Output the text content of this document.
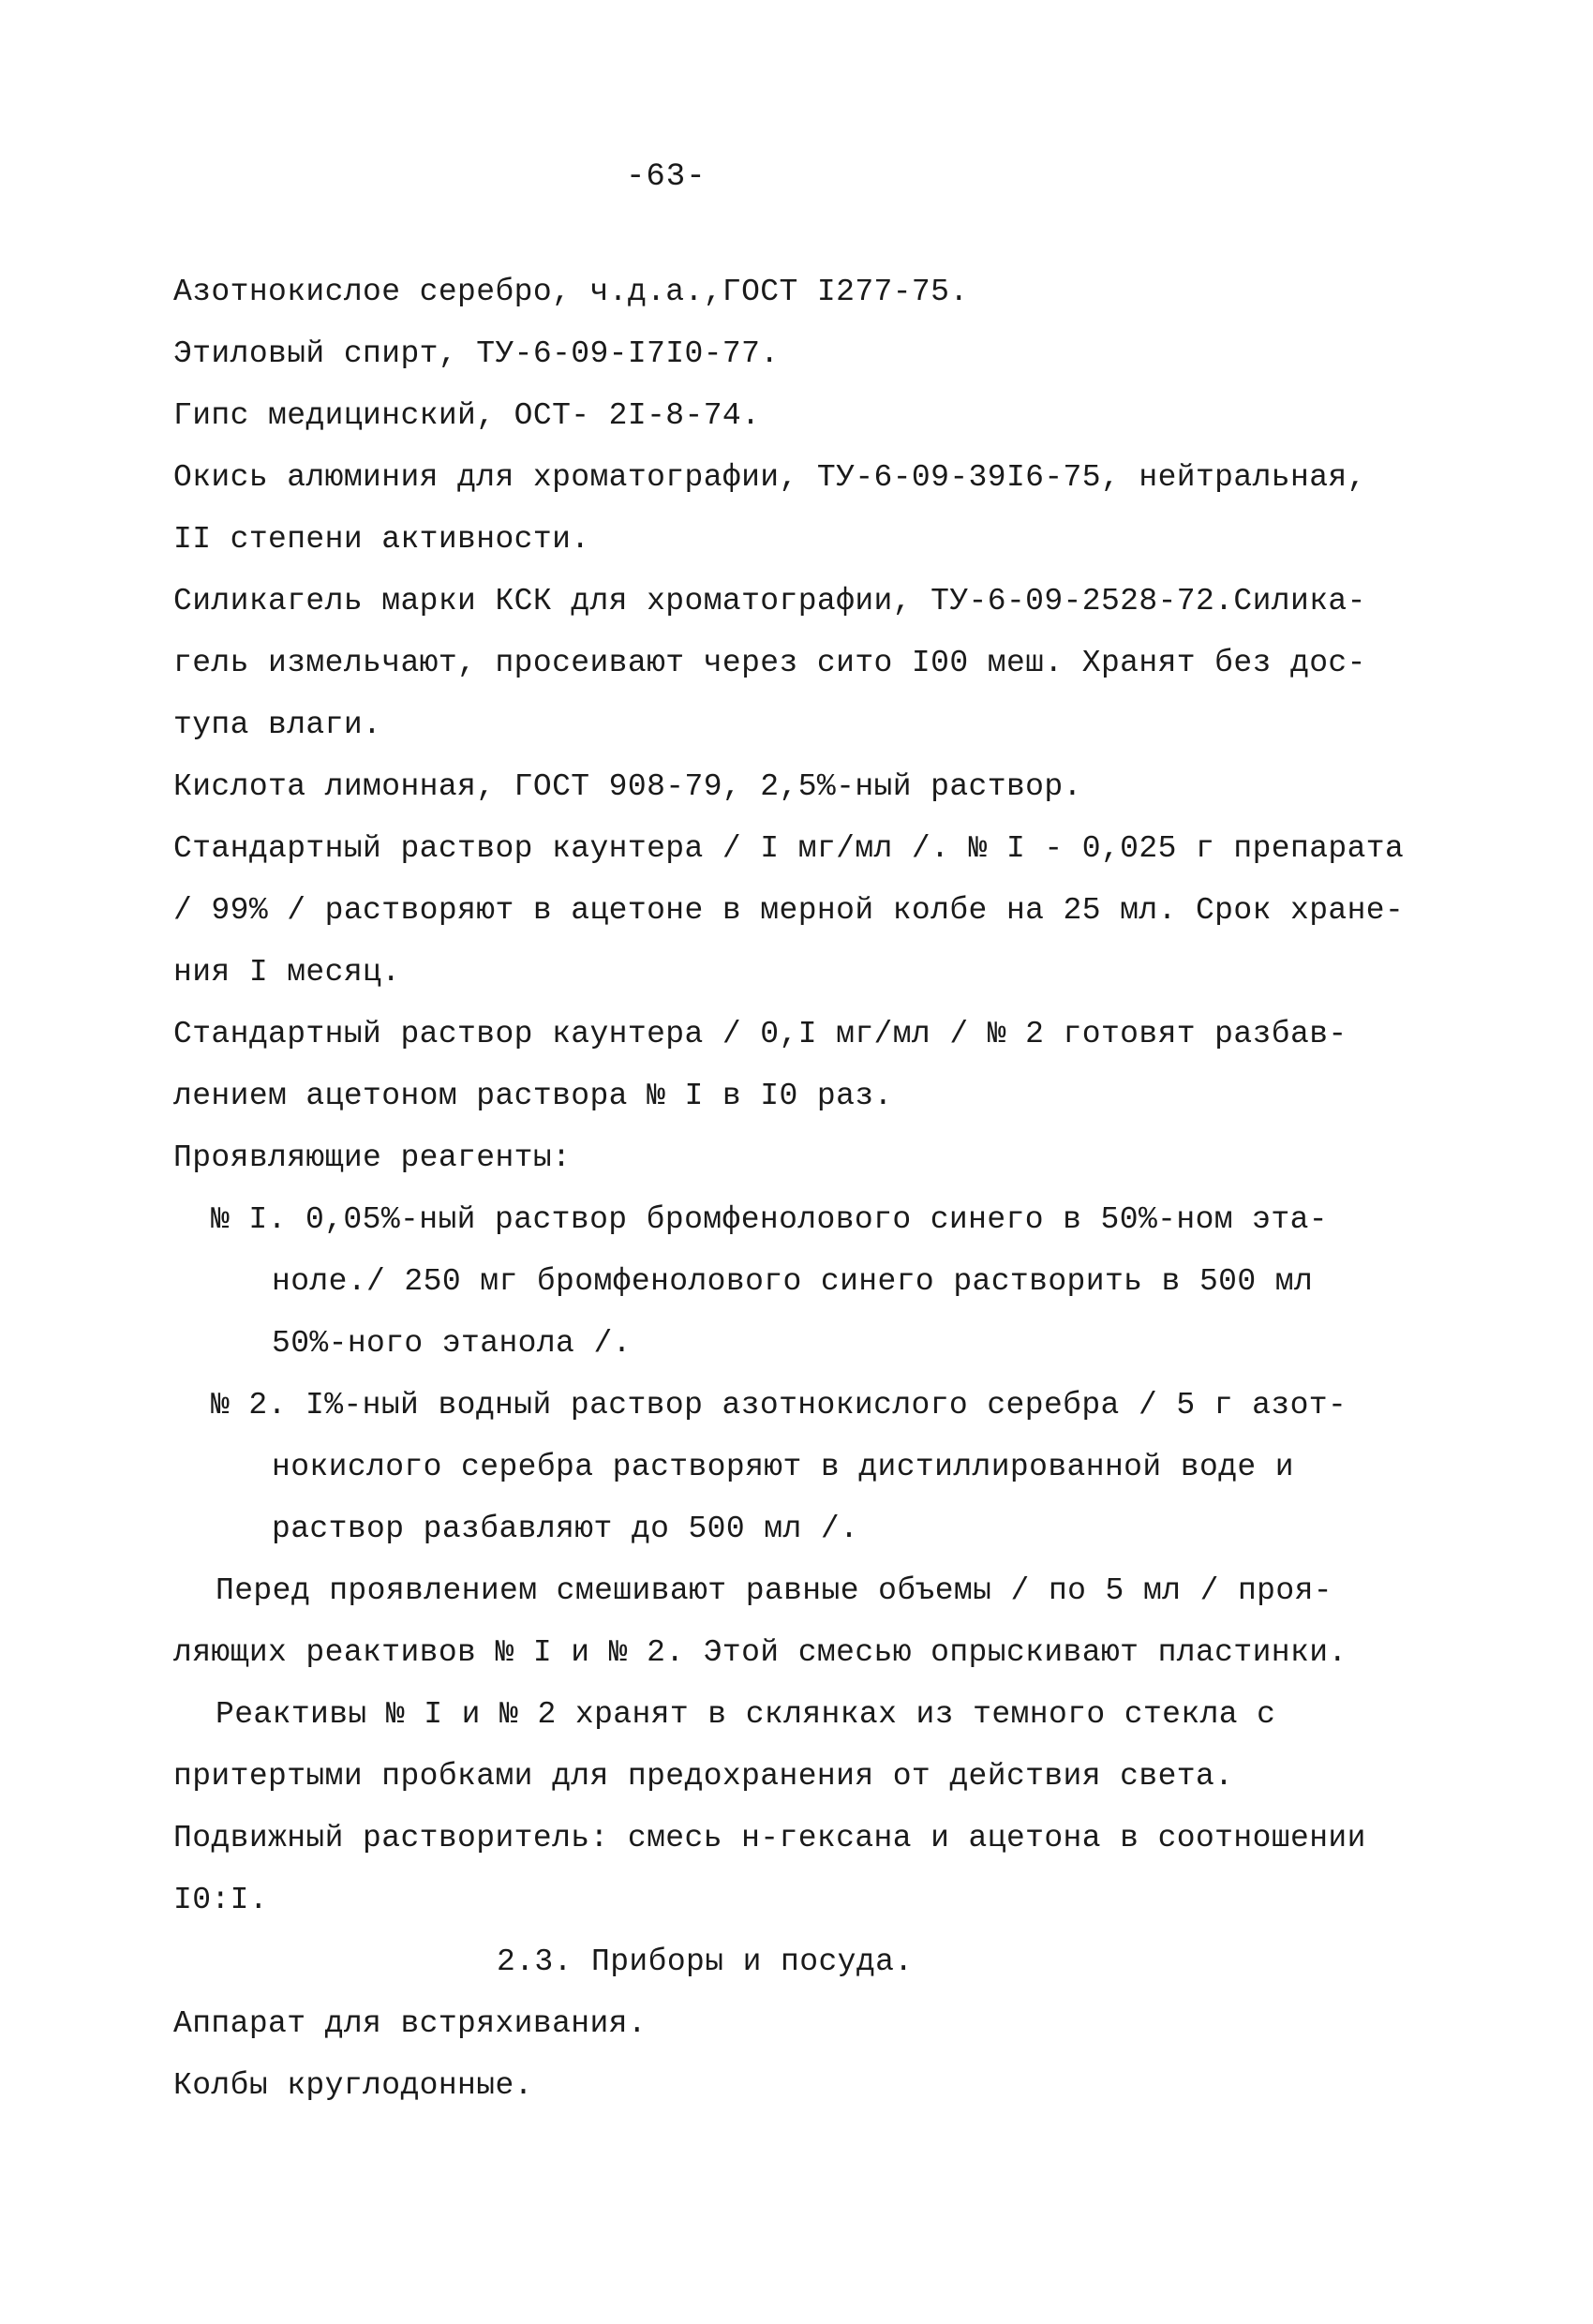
-63-
Азотнокислое серебро, ч.д.а.,ГОСТ I277-75.
Этиловый спирт, ТУ-6-09-I7I0-77.
Гипс медицинский, ОСТ- 2I-8-74.
Окись алюминия для хроматографии, ТУ-6-09-39I6-75, нейтральная,
II степени активности.
Силикагель марки КСК для хроматографии, ТУ-6-09-2528-72.Силика-
гель измельчают, просеивают через сито I00 меш. Хранят без дос-
тупа влаги.
Кислота лимонная, ГОСТ 908-79, 2,5%-ный раствор.
Стандартный раствор каунтера / I мг/мл /. № I - 0,025 г препарата
/ 99% / растворяют в ацетоне в мерной колбе на 25 мл. Срок хране-
ния I месяц.
Стандартный раствор каунтера / 0,I мг/мл / № 2 готовят разбав-
лением ацетоном раствора № I в I0 раз.
Проявляющие реагенты:
№ I. 0,05%-ный раствор бромфенолового синего в 50%-ном эта-
нолe./ 250 мг бромфенолового синего растворить в 500 мл
50%-ного этанола /.
№ 2. I%-ный водный раствор азотнокислого серебра / 5 г азот-
нокислого серебра растворяют в дистиллированной воде и
раствор разбавляют до 500 мл /.
Перед проявлением смешивают равные объемы / по 5 мл / проя-
ляющих реактивов № I и № 2. Этой смесью опрыскивают пластинки.
Реактивы № I и № 2 хранят в склянках из темного стекла с
притертыми пробками для предохранения от действия света.
Подвижный растворитель: смесь н-гексана и ацетона в соотношении
I0:I.
2.3. Приборы и посуда.
Аппарат для встряхивания.
Колбы круглодонные.
